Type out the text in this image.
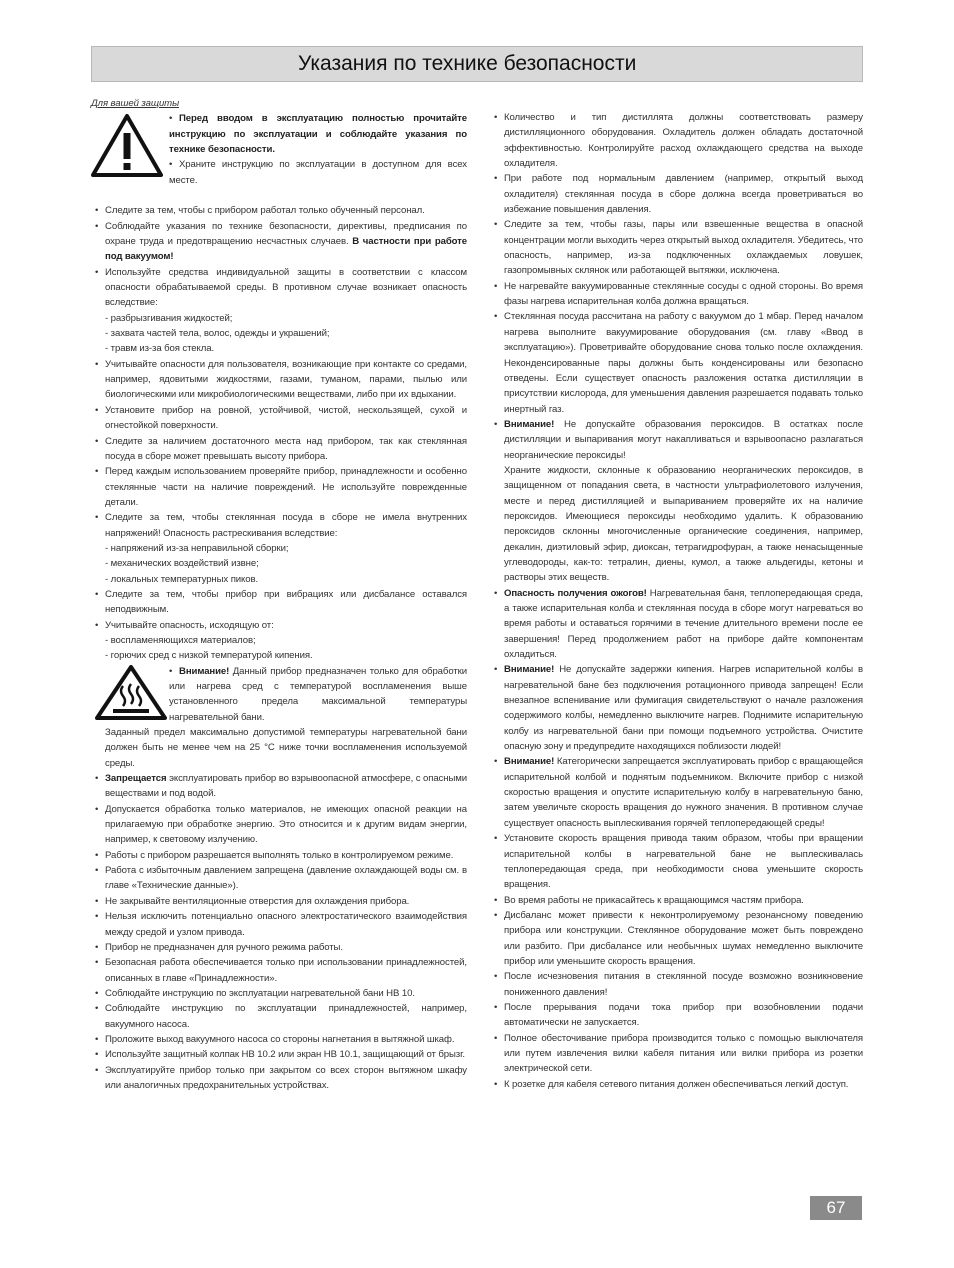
Указания по технике безопасности
Для вашей защиты

• Перед вводом в эксплуатацию полностью прочитайте инструкцию по эксплуатации и соблюдайте указания по технике безопасности.

• Храните инструкцию по эксплуатации в доступном для всех месте.

• Следите за тем, чтобы с прибором работал только обученный персонал.

• Соблюдайте указания по технике безопасности, директивы, предписания по охране труда и предотвращению несчастных случаев. В частности при работе под вакуумом!

• Используйте средства индивидуальной защиты в соответствии с классом опасности обрабатываемой среды. В противном случае возникает опасность вследствие:

- разбрызгивания жидкостей;

- захвата частей тела, волос, одежды и украшений;

- травм из-за боя стекла.

• Учитывайте опасности для пользователя, возникающие при контакте со средами, например, ядовитыми жидкостями, газами, туманом, парами, пылью или биологическими или микробиологическими веществами, либо при их вдыхании.

• Установите прибор на ровной, устойчивой, чистой, нескользящей, сухой и огнестойкой поверхности.

• Следите за наличием достаточного места над прибором, так как стеклянная посуда в сборе может превышать высоту прибора.

• Перед каждым использованием проверяйте прибор, принадлежности и особенно стеклянные части на наличие повреждений. Не используйте поврежденные детали.

• Следите за тем, чтобы стеклянная посуда в сборе не имела внутренних напряжений! Опасность растрескивания вследствие:

- напряжений из-за неправильной сборки;

- механических воздействий извне;

- локальных температурных пиков.

• Следите за тем, чтобы прибор при вибрациях или дисбалансе оставался неподвижным.

• Учитывайте опасность, исходящую от:

- воспламеняющихся материалов;

- горючих сред с низкой температурой кипения.

• Внимание! Данный прибор предназначен только для обработки или нагрева сред с температурой воспламенения выше установленного предела максимальной температуры нагревательной бани.

Заданный предел максимально допустимой температуры нагревательной бани должен быть не менее чем на 25 °C ниже точки воспламенения используемой среды.

• Запрещается эксплуатировать прибор во взрывоопасной атмосфере, с опасными веществами и под водой.

• Допускается обработка только материалов, не имеющих опасной реакции на прилагаемую при обработке энергию. Это относится и к другим видам энергии, например, к световому излучению.

• Работы с прибором разрешается выполнять только в контролируемом режиме.

• Работа с избыточным давлением запрещена (давление охлаждающей воды см. в главе «Технические данные»).

• Не закрывайте вентиляционные отверстия для охлаждения прибора.

• Нельзя исключить потенциально опасного электростатического взаимодействия между средой и узлом привода.

• Прибор не предназначен для ручного режима работы.

• Безопасная работа обеспечивается только при использовании принадлежностей, описанных в главе «Принадлежности».

• Соблюдайте инструкцию по эксплуатации нагревательной бани HB 10.

• Соблюдайте инструкцию по эксплуатации принадлежностей, например, вакуумного насоса.

• Проложите выход вакуумного насоса со стороны нагнетания в вытяжной шкаф.

• Используйте защитный колпак HB 10.2 или экран HB 10.1, защищающий от брызг.

• Эксплуатируйте прибор только при закрытом со всех сторон вытяжном шкафу или аналогичных предохранительных устройствах.

• Количество и тип дистиллята должны соответствовать размеру дистилляционного оборудования. Охладитель должен обладать достаточной эффективностью. Контролируйте расход охлаждающего средства на выходе охладителя.

• При работе под нормальным давлением (например, открытый выход охладителя) стеклянная посуда в сборе должна всегда проветриваться во избежание повышения давления.

• Следите за тем, чтобы газы, пары или взвешенные вещества в опасной концентрации могли выходить через открытый выход охладителя. Убедитесь, что опасность, например, из-за подключенных охлаждаемых ловушек, газопромывных склянок или работающей вытяжки, исключена.

• Не нагревайте вакуумированные стеклянные сосуды с одной стороны. Во время фазы нагрева испарительная колба должна вращаться.

• Стеклянная посуда рассчитана на работу с вакуумом до 1 мбар. Перед началом нагрева выполните вакуумирование оборудования (см. главу «Ввод в эксплуатацию»). Проветривайте оборудование снова только после охлаждения. Неконденсированные пары должны быть конденсированы или безопасно отведены. Если существует опасность разложения остатка дистилляции в присутствии кислорода, для уменьшения давления разрешается подавать только инертный газ.

• Внимание! Не допускайте образования пероксидов. В остатках после дистилляции и выпаривания могут накапливаться и взрывоопасно разлагаться неорганические пероксиды!

Храните жидкости, склонные к образованию неорганических пероксидов, в защищенном от попадания света, в частности ультрафиолетового излучения, месте и перед дистилляцией и выпариванием проверяйте их на наличие пероксидов. Имеющиеся пероксиды необходимо удалить. К образованию пероксидов склонны многочисленные органические соединения, например, декалин, диэтиловый эфир, диоксан, тетрагидрофуран, а также ненасыщенные углеводороды, как-то: тетралин, диены, кумол, а также альдегиды, кетоны и растворы этих веществ.

• Опасность получения ожогов! Нагревательная баня, теплопередающая среда, а также испарительная колба и стеклянная посуда в сборе могут нагреваться во время работы и оставаться горячими в течение длительного времени после ее завершения! Перед продолжением работ на приборе дайте компонентам охладиться.

• Внимание! Не допускайте задержки кипения. Нагрев испарительной колбы в нагревательной бане без подключения ротационного привода запрещен! Если внезапное вспенивание или фумигация свидетельствуют о начале разложения содержимого колбы, немедленно выключите нагрев. Поднимите испарительную колбу из нагревательной бани при помощи подъемного устройства. Очистите опасную зону и предупредите находящихся поблизости людей!

• Внимание! Категорически запрещается эксплуатировать прибор с вращающейся испарительной колбой и поднятым подъемником. Включите прибор с низкой скоростью вращения и опустите испарительную колбу в нагревательную баню, затем увеличьте скорость вращения до нужного значения. В противном случае существует опасность выплескивания горячей теплопередающей среды!

• Установите скорость вращения привода таким образом, чтобы при вращении испарительной колбы в нагревательной бане не выплескивалась теплопередающая среда, при необходимости снова уменьшите скорость вращения.

• Во время работы не прикасайтесь к вращающимся частям прибора.

• Дисбаланс может привести к неконтролируемому резонансному поведению прибора или конструкции. Стеклянное оборудование может быть повреждено или разбито. При дисбалансе или необычных шумах немедленно выключите прибор или уменьшите скорость вращения.

• После исчезновения питания в стеклянной посуде возможно возникновение пониженного давления!

• После прерывания подачи тока прибор при возобновлении подачи автоматически не запускается.

• Полное обесточивание прибора производится только с помощью выключателя или путем извлечения вилки кабеля питания или вилки прибора из розетки электрической сети.

• К розетке для кабеля сетевого питания должен обеспечиваться легкий доступ.

67
